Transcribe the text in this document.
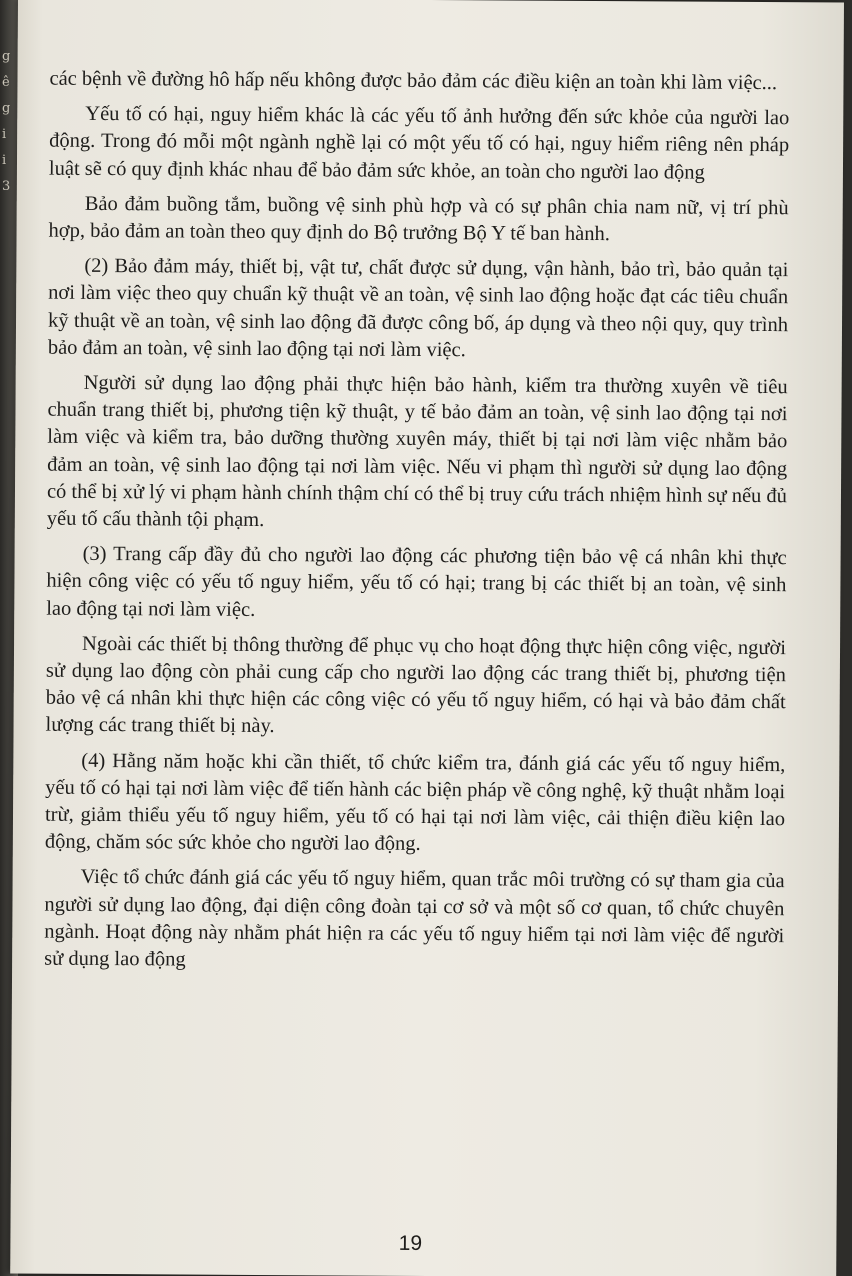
g
ê
g
i
i
3

các bệnh về đường hô hấp nếu không được bảo đảm các điều kiện an toàn khi làm việc...

Yếu tố có hại, nguy hiểm khác là các yếu tố ảnh hưởng đến sức khỏe của người lao động. Trong đó mỗi một ngành nghề lại có một yếu tố có hại, nguy hiểm riêng nên pháp luật sẽ có quy định khác nhau để bảo đảm sức khỏe, an toàn cho người lao động

Bảo đảm buồng tắm, buồng vệ sinh phù hợp và có sự phân chia nam nữ, vị trí phù hợp, bảo đảm an toàn theo quy định do Bộ trưởng Bộ Y tế ban hành.

(2) Bảo đảm máy, thiết bị, vật tư, chất được sử dụng, vận hành, bảo trì, bảo quản tại nơi làm việc theo quy chuẩn kỹ thuật về an toàn, vệ sinh lao động hoặc đạt các tiêu chuẩn kỹ thuật về an toàn, vệ sinh lao động đã được công bố, áp dụng và theo nội quy, quy trình bảo đảm an toàn, vệ sinh lao động tại nơi làm việc.

Người sử dụng lao động phải thực hiện bảo hành, kiểm tra thường xuyên về tiêu chuẩn trang thiết bị, phương tiện kỹ thuật, y tế bảo đảm an toàn, vệ sinh lao động tại nơi làm việc và kiểm tra, bảo dưỡng thường xuyên máy, thiết bị tại nơi làm việc nhằm bảo đảm an toàn, vệ sinh lao động tại nơi làm việc. Nếu vi phạm thì người sử dụng lao động có thể bị xử lý vi phạm hành chính thậm chí có thể bị truy cứu trách nhiệm hình sự nếu đủ yếu tố cấu thành tội phạm.

(3) Trang cấp đầy đủ cho người lao động các phương tiện bảo vệ cá nhân khi thực hiện công việc có yếu tố nguy hiểm, yếu tố có hại; trang bị các thiết bị an toàn, vệ sinh lao động tại nơi làm việc.

Ngoài các thiết bị thông thường để phục vụ cho hoạt động thực hiện công việc, người sử dụng lao động còn phải cung cấp cho người lao động các trang thiết bị, phương tiện bảo vệ cá nhân khi thực hiện các công việc có yếu tố nguy hiểm, có hại và bảo đảm chất lượng các trang thiết bị này.

(4) Hằng năm hoặc khi cần thiết, tổ chức kiểm tra, đánh giá các yếu tố nguy hiểm, yếu tố có hại tại nơi làm việc để tiến hành các biện pháp về công nghệ, kỹ thuật nhằm loại trừ, giảm thiểu yếu tố nguy hiểm, yếu tố có hại tại nơi làm việc, cải thiện điều kiện lao động, chăm sóc sức khỏe cho người lao động.

Việc tổ chức đánh giá các yếu tố nguy hiểm, quan trắc môi trường có sự tham gia của người sử dụng lao động, đại diện công đoàn tại cơ sở và một số cơ quan, tổ chức chuyên ngành. Hoạt động này nhằm phát hiện ra các yếu tố nguy hiểm tại nơi làm việc để người sử dụng lao động

19
